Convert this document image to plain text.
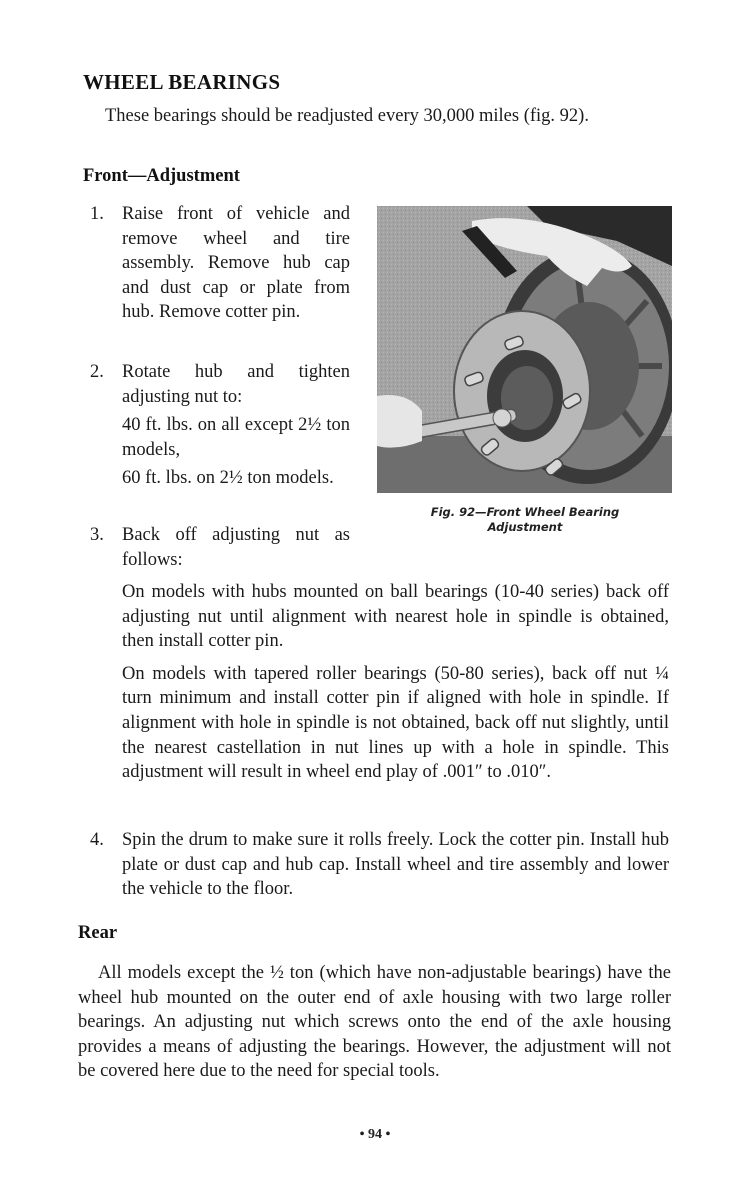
WHEEL BEARINGS
These bearings should be readjusted every 30,000 miles (fig. 92).
Front—Adjustment
1. Raise front of vehicle and remove wheel and tire assembly. Remove hub cap and dust cap or plate from hub. Remove cotter pin.
2. Rotate hub and tighten adjusting nut to:

40 ft. lbs. on all except 2½ ton models,

60 ft. lbs. on 2½ ton models.

3. Back off adjusting nut as follows:

On models with hubs mounted on ball bearings (10-40 series) back off adjusting nut until alignment with nearest hole in spindle is obtained, then install cotter pin.

On models with tapered roller bearings (50-80 series), back off nut ¼ turn minimum and install cotter pin if aligned with hole in spindle. If alignment with hole in spindle is not obtained, back off nut slightly, until the nearest castellation in nut lines up with a hole in spindle. This adjustment will result in wheel end play of .001″ to .010″.

4. Spin the drum to make sure it rolls freely. Lock the cotter pin. Install hub plate or dust cap and hub cap. Install wheel and tire assembly and lower the vehicle to the floor.
Fig. 92—Front Wheel Bearing
Adjustment
Rear
All models except the ½ ton (which have non-adjustable bearings) have the wheel hub mounted on the outer end of axle housing with two large roller bearings. An adjusting nut which screws onto the end of the axle housing provides a means of adjusting the bearings. However, the adjustment will not be covered here due to the need for special tools.
• 94 •
